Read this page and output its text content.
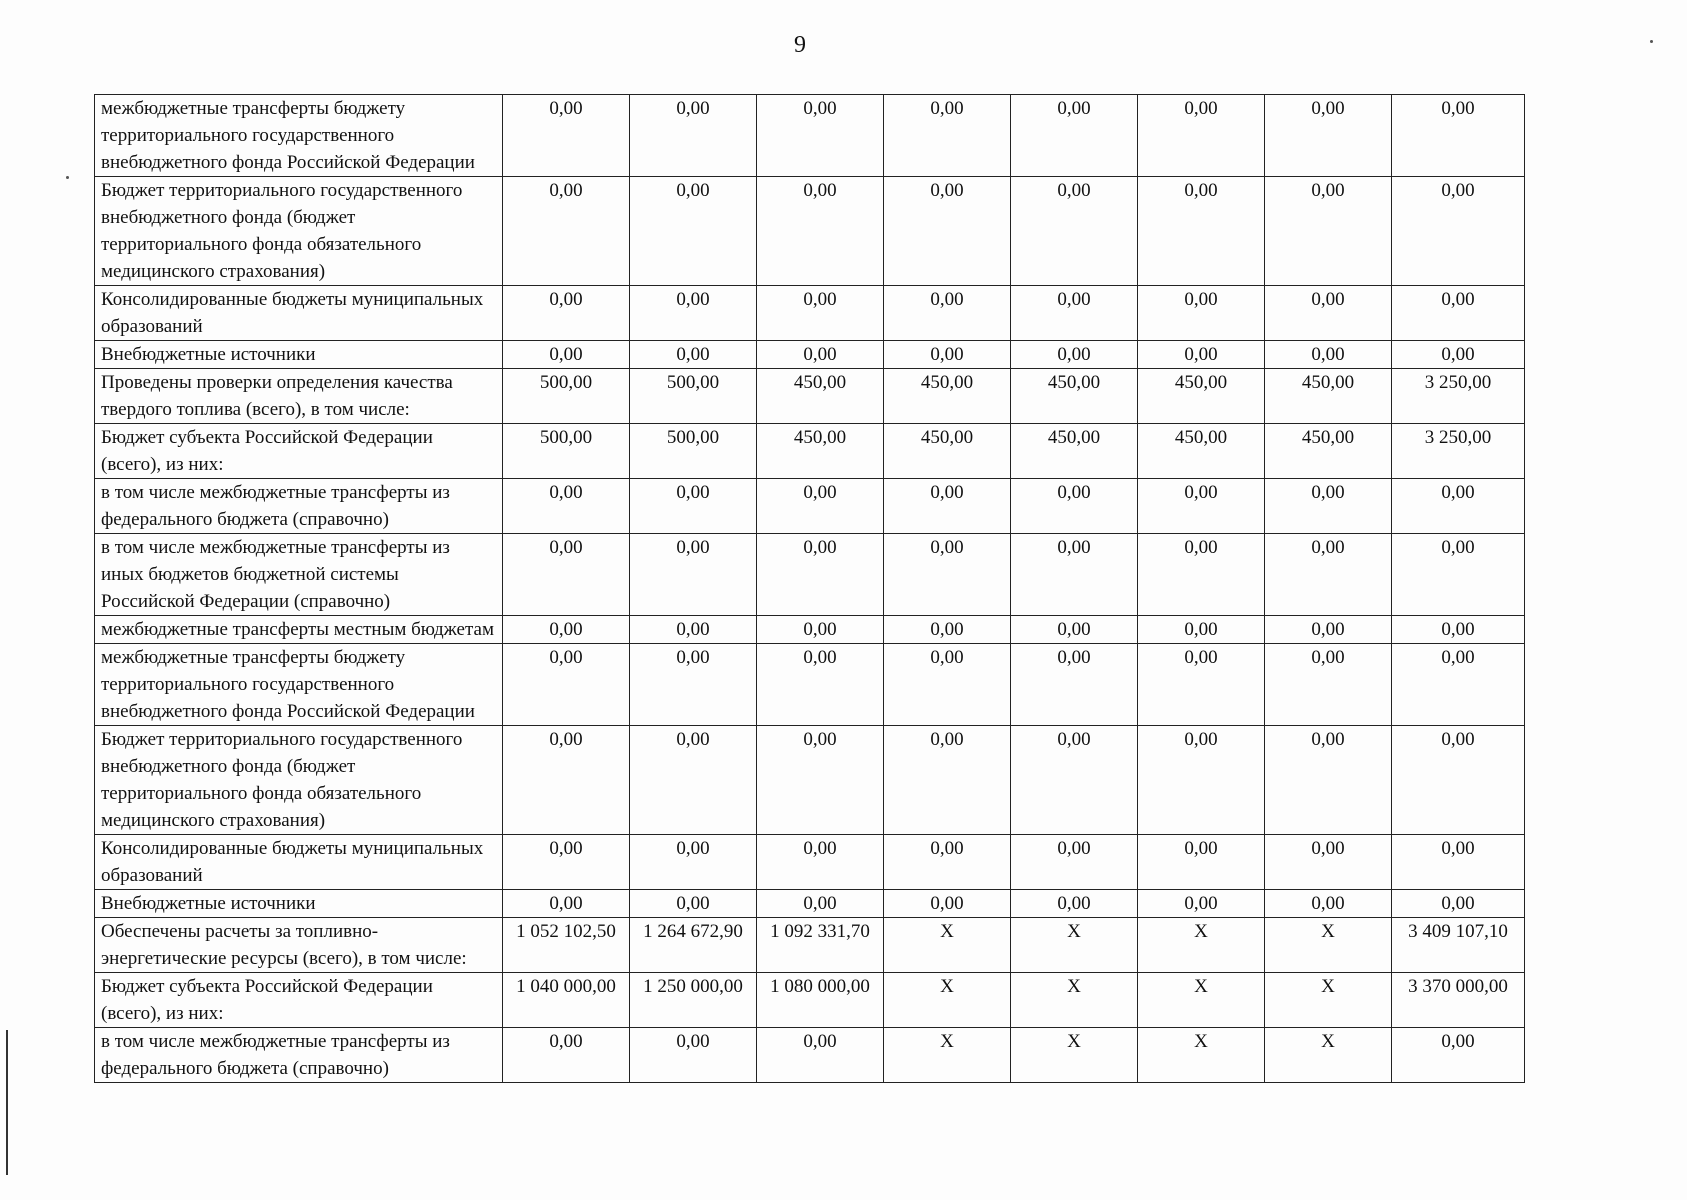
9
межбюджетные трансферты бюджету территориального государственного внебюджетного фонда Российской Федерации	0,00	0,00	0,00	0,00	0,00	0,00	0,00	0,00
Бюджет территориального государственного внебюджетного фонда (бюджет территориального фонда обязательного медицинского страхования)	0,00	0,00	0,00	0,00	0,00	0,00	0,00	0,00
Консолидированные бюджеты муниципальных образований	0,00	0,00	0,00	0,00	0,00	0,00	0,00	0,00
Внебюджетные источники	0,00	0,00	0,00	0,00	0,00	0,00	0,00	0,00
Проведены проверки определения качества твердого топлива (всего), в том числе:	500,00	500,00	450,00	450,00	450,00	450,00	450,00	3 250,00
Бюджет субъекта Российской Федерации (всего), из них:	500,00	500,00	450,00	450,00	450,00	450,00	450,00	3 250,00
в том числе межбюджетные трансферты из федерального бюджета (справочно)	0,00	0,00	0,00	0,00	0,00	0,00	0,00	0,00
в том числе межбюджетные трансферты из иных бюджетов бюджетной системы Российской Федерации (справочно)	0,00	0,00	0,00	0,00	0,00	0,00	0,00	0,00
межбюджетные трансферты местным бюджетам	0,00	0,00	0,00	0,00	0,00	0,00	0,00	0,00
межбюджетные трансферты бюджету территориального государственного внебюджетного фонда Российской Федерации	0,00	0,00	0,00	0,00	0,00	0,00	0,00	0,00
Бюджет территориального государственного внебюджетного фонда (бюджет территориального фонда обязательного медицинского страхования)	0,00	0,00	0,00	0,00	0,00	0,00	0,00	0,00
Консолидированные бюджеты муниципальных образований	0,00	0,00	0,00	0,00	0,00	0,00	0,00	0,00
Внебюджетные источники	0,00	0,00	0,00	0,00	0,00	0,00	0,00	0,00
Обеспечены расчеты за топливно-энергетические ресурсы (всего), в том числе:	1 052 102,50	1 264 672,90	1 092 331,70	X	X	X	X	3 409 107,10
Бюджет субъекта Российской Федерации (всего), из них:	1 040 000,00	1 250 000,00	1 080 000,00	X	X	X	X	3 370 000,00
в том числе межбюджетные трансферты из федерального бюджета (справочно)	0,00	0,00	0,00	X	X	X	X	0,00
